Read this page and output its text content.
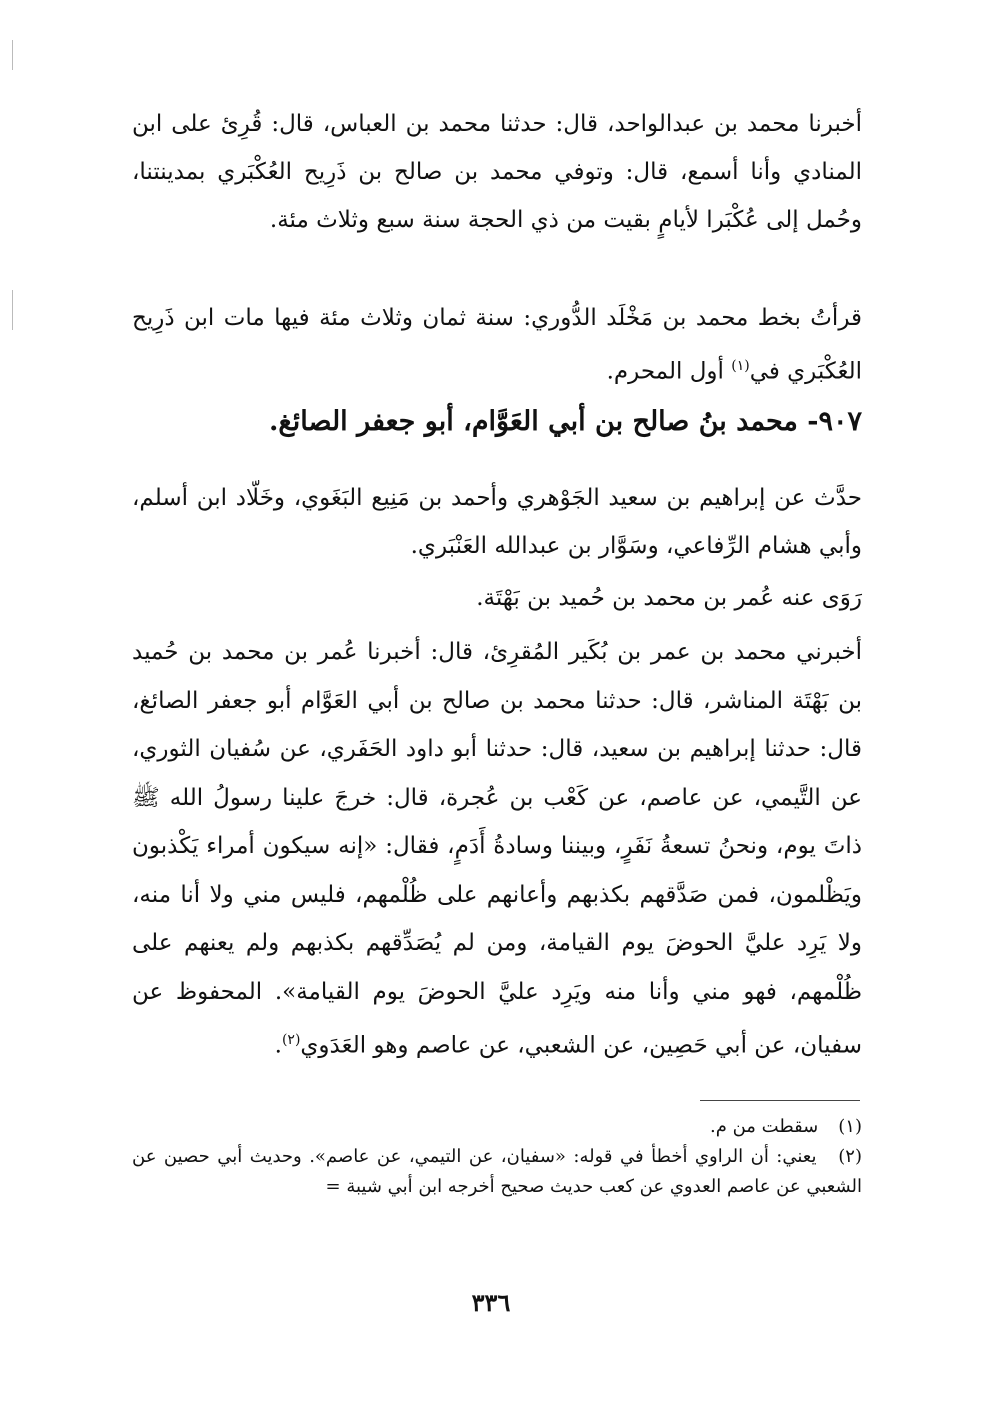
أخبرنا محمد بن عبدالواحد، قال: حدثنا محمد بن العباس، قال: قُرِئ على ابن المنادي وأنا أسمع، قال: وتوفي محمد بن صالح بن ذَرِيح العُكْبَري بمدينتنا، وحُمل إلى عُكْبَرا لأيامٍ بقيت من ذي الحجة سنة سبع وثلاث مئة.

قرأتُ بخط محمد بن مَخْلَد الدُّوري: سنة ثمان وثلاث مئة فيها مات ابن ذَرِيح العُكْبَري في$^{(١)}$ أول المحرم.

٩٠٧- محمد بنُ صالح بن أبي العَوَّام، أبو جعفر الصائغ.

حدَّث عن إبراهيم بن سعيد الجَوْهري وأحمد بن مَنِيع البَغَوي، وخَلّاد ابن أسلم، وأبي هشام الرِّفاعي، وسَوَّار بن عبدالله العَنْبَري.

رَوَى عنه عُمر بن محمد بن حُميد بن بَهْتَة.

أخبرني محمد بن عمر بن بُكَير المُقرِئ، قال: أخبرنا عُمر بن محمد بن حُميد بن بَهْتَة المناشر، قال: حدثنا محمد بن صالح بن أبي العَوَّام أبو جعفر الصائغ، قال: حدثنا إبراهيم بن سعيد، قال: حدثنا أبو داود الحَفَري، عن سُفيان الثوري، عن التَّيمي، عن عاصم، عن كَعْب بن عُجرة، قال: خرجَ علينا رسولُ الله ﷺ ذاتَ يوم، ونحنُ تسعةُ نَفَرٍ، وبيننا وسادةُ أَدَمٍ، فقال: «إنه سيكون أمراء يَكْذبون ويَظْلمون، فمن صَدَّقهم بكذبهم وأعانهم على ظُلْمهم، فليس مني ولا أنا منه، ولا يَرِد عليَّ الحوضَ يوم القيامة، ومن لم يُصَدِّقهم بكذبهم ولم يعنهم على ظُلْمهم، فهو مني وأنا منه ويَرِد عليَّ الحوضَ يوم القيامة». المحفوظ عن سفيان، عن أبي حَصِين، عن الشعبي، عن عاصم وهو العَدَوي$^{(٢)}$.

(١) سقطت من م.

(٢) يعني: أن الراوي أخطأ في قوله: «سفيان، عن التيمي، عن عاصم». وحديث أبي حصين عن الشعبي عن عاصم العدوي عن كعب حديث صحيح أخرجه ابن أبي شيبة =

٣٣٦
